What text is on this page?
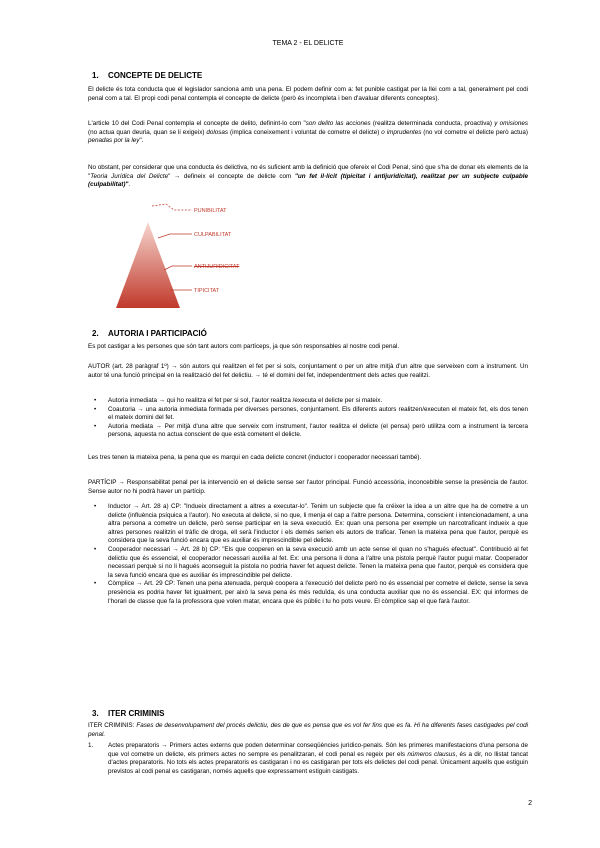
TEMA 2 - EL DELICTE
1. CONCEPTE DE DELICTE
El delicte és tota conducta que el legislador sanciona amb una pena. El podem definir com a: fet punible castigat per la llei com a tal, generalment pel codi penal com a tal. El propi codi penal contempla el concepte de delicte (però és incompleta i ben d'avaluar diferents conceptes).
L'article 10 del Codi Penal contempla el concepte de delito, definint-lo com "son delito las acciones (realitza determinada conducta, proactiva) y omisiones (no actua quan deuria, quan se li exigeix) dolosas (implica coneixement i voluntat de cometre el delicte) o imprudentes (no vol cometre el delicte però actua) penadas por la ley".
No obstant, per considerar que una conducta és delictiva, no és suficient amb la definició que ofereix el Codi Penal, sinó que s'ha de donar els elements de la "Teoria Jurídica del Delicte" → defineix el concepte de delicte com "un fet il·lícit (tipicitat i antijuridicitat), realitzat per un subjecte culpable (culpabilitat)".
PUNIBILITAT
CULPABILITAT
ANTIJURIDICITAT
TIPICITAT
2. AUTORIA I PARTICIPACIÓ
Es pot castigar a les persones que són tant autors com partíceps, ja que són responsables al nostre codi penal.
AUTOR (art. 28 paràgraf 1º) → són autors qui realitzen el fet per si sols, conjuntament o per un altre mitjà d'un altre que serveixen com a instrument. Un autor té una funció principal en la realització del fet delictiu. → té el domini del fet, independentment dels actes que realitzi.
• Autoria inmediata → qui ho realitza el fet per si sol, l'autor realitza /executa el delicte per si mateix.
• Coautoria → una autoria inmediata formada per diverses persones, conjuntament. Els diferents autors realitzen/executen el mateix fet, els dos tenen el mateix domini del fet.
• Autoria mediata → Per mitjà d'una altre que serveix com instrument, l'autor realitza el delicte (el pensa) però utilitza com a instrument la tercera persona, aquesta no actua conscient de que està cometent el delicte.
Les tres tenen la mateixa pena, la pena que es marqui en cada delicte concret (inductor i cooperador necessari també).
PARTÍCIP → Responsabilitat penal per la intervenció en el delicte sense ser l'autor principal. Funció accessòria, inconcebible sense la presència de l'autor. Sense autor no hi podrà haver un partícip.
• Inductor → Art. 28 a) CP: "Indueix directament a altres a executar-lo". Tenim un subjecte que fa créixer la idea a un altre que ha de cometre a un delicte (influència psíquica a l'autor). No executa al delicte, si no que, li menja el cap a l'altre persona. Determina, conscient i intencionadament, a una altra persona a cometre un delicte, però sense participar en la seva execució. Ex: quan una persona per exemple un narcotraficant indueix a que altres persones realitzin el tràfic de droga, ell serà l'inductor i els demés serien els autors de traficar. Tenen la mateixa pena que l'autor, perquè es considera que la seva funció encara que es auxiliar és imprescindible pel delicte.
• Cooperador necessari → Art. 28 b) CP: "Els que cooperen en la seva execució amb un acte sense el quan no s'hagués efectuat". Contribució al fet delictiu que és essencial, el cooperador necessari auxilia al fet. Ex: una persona li dona a l'altre una pistola perquè l'autor pugui matar. Cooperador necessari perquè si no li hagués aconseguit la pistola no podria haver fet aquest delicte. Tenen la mateixa pena que l'autor, perquè es considera que la seva funció encara que es auxiliar és imprescindible pel delicte.
• Còmplice → Art. 29 CP: Tenen una pena atenuada, perquè coopera a l'execució del delicte però no és essencial per cometre el delicte, sense la seva presència es podria haver fet igualment, per això la seva pena és més reduïda, és una conducta auxiliar que no és essencial. EX: qui informes de l'horari de classe que fa la professora que volen matar, encara que és públic i tu ho pots veure. El còmplice sap el que farà l'autor.
3. ITER CRIMINIS
ITER CRIMINIS: Fases de desenvolupament del procés delictiu, des de que es pensa que es vol fer fins que es fa. Hi ha diferents fases castigades pel codi penal.
1. Actes preparatoris → Primers actes externs que poden determinar conseqüències jurídico-penals. Són les primeres manifestacions d'una persona de que vol cometre un delicte, els primers actes no sempre es penalitzaran, el codi penal es regeix per els números clausus, és a dir, no llistat tancat d'actes preparatoris. No tots els actes preparatoris es castigaran i no es castigaran per tots els delictes del codi penal. Únicament aquells que estiguin previstos al codi penal es castigaran, només aquells que expressament estiguin castigats.
2
